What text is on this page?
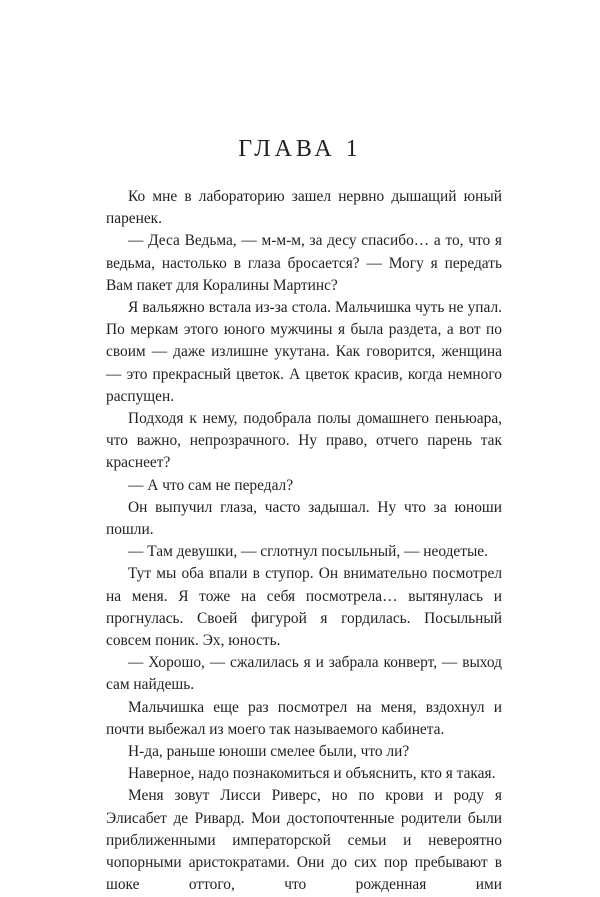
ГЛАВА 1

Ко мне в лабораторию зашел нервно дышащий юный паренек.

— Деса Ведьма, — м-м-м, за десу спасибо… а то, что я ведьма, настолько в глаза бросается? — Могу я передать Вам пакет для Коралины Мартинс?

Я вальяжно встала из-за стола. Мальчишка чуть не упал. По меркам этого юного мужчины я была раздета, а вот по своим — даже излишне укутана. Как говорится, женщина — это прекрасный цветок. А цветок красив, когда немного распущен.

Подходя к нему, подобрала полы домашнего пеньюара, что важно, непрозрачного. Ну право, отчего парень так краснеет?

— А что сам не передал?

Он выпучил глаза, часто задышал. Ну что за юноши пошли.

— Там девушки, — сглотнул посыльный, — неодетые.

Тут мы оба впали в ступор. Он внимательно посмотрел на меня. Я тоже на себя посмотрела… вытянулась и прогнулась. Своей фигурой я гордилась. Посыльный совсем поник. Эх, юность.

— Хорошо, — сжалилась я и забрала конверт, — выход сам найдешь.

Мальчишка еще раз посмотрел на меня, вздохнул и почти выбежал из моего так называемого кабинета.

Н-да, раньше юноши смелее были, что ли?

Наверное, надо познакомиться и объяснить, кто я такая.

Меня зовут Лисси Риверс, но по крови и роду я Элисабет де Ривард. Мои достопочтенные родители были приближенными императорской семьи и невероятно чопорными аристократами. Они до сих пор пребывают в шоке оттого, что рожденная ими
